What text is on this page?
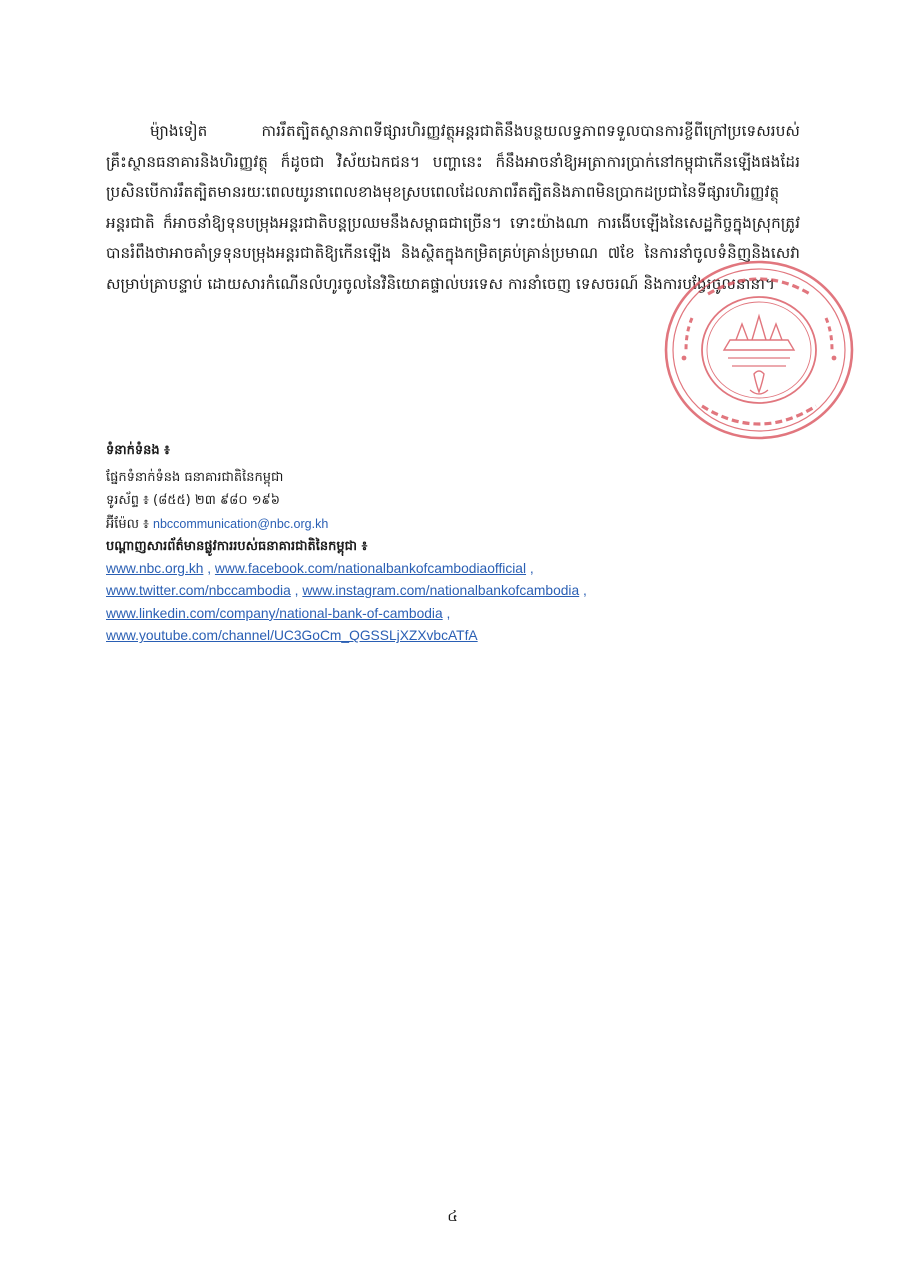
ម៉្យាងទៀត ការរឹតត្បិតស្ថានភាពទីផ្សារហិរញ្ញវត្ថុអន្តរជាតិនឹងបន្ថយលទ្ធភាពទទួលបានការខ្ចីពីក្រៅប្រទេសរបស់គ្រឹះស្ថានធនាគារនិងហិរញ្ញវត្ថុ ក៏ដូចជា វិស័យឯកជន។ បញ្ហានេះ ក៏នឹងអាចនាំឱ្យអត្រាការប្រាក់នៅកម្ពុជាកើនឡើងផងដែរ ប្រសិនបើការរឹតត្បិតមានរយៈពេលយូរនាពេលខាងមុខស្របពេលដែលភាពរឹតត្បិតនិងភាពមិនប្រាកដប្រជានៃទីផ្សារហិរញ្ញវត្ថុអន្តរជាតិ ក៏អាចនាំឱ្យទុនបម្រុងអន្តរជាតិបន្តប្រឈមនឹងសម្ពាធជាច្រើន។ ទោះយ៉ាងណា ការងើបឡើងនៃសេដ្ឋកិច្ចក្នុងស្រុកត្រូវបានរំពឹងថាអាចគាំទ្រទុនបម្រុងអន្តរជាតិឱ្យកើនឡើង និងស្ថិតក្នុងកម្រិតគ្រប់គ្រាន់ប្រមាណ ៧ខែ នៃការនាំចូលទំនិញនិងសេវាសម្រាប់គ្រាបន្ទាប់ ដោយសារកំណើនលំហូរចូលនៃវិនិយោគផ្ទាល់បរទេស ការនាំចេញ ទេសចរណ៍ និងការបង្វែរចូលនានា។

ទំនាក់ទំនង ៖
ផ្នែកទំនាក់ទំនង ធនាគារជាតិនៃកម្ពុជា
ទូរស័ព្ទ ៖ (៨៥៥) ២៣ ៩៨០ ១៩៦
អ៊ីម៉ែល ៖ nbccommunication@nbc.org.kh
បណ្ដាញសារព័ត៌មានផ្លូវការរបស់ធនាគារជាតិនៃកម្ពុជា ៖
www.nbc.org.kh , www.facebook.com/nationalbankofcambodiaofficial ,
www.twitter.com/nbccambodia , www.instagram.com/nationalbankofcambodia ,
www.linkedin.com/company/national-bank-of-cambodia ,
www.youtube.com/channel/UC3GoCm_QGSSLjXZXvbcATfA
៤
